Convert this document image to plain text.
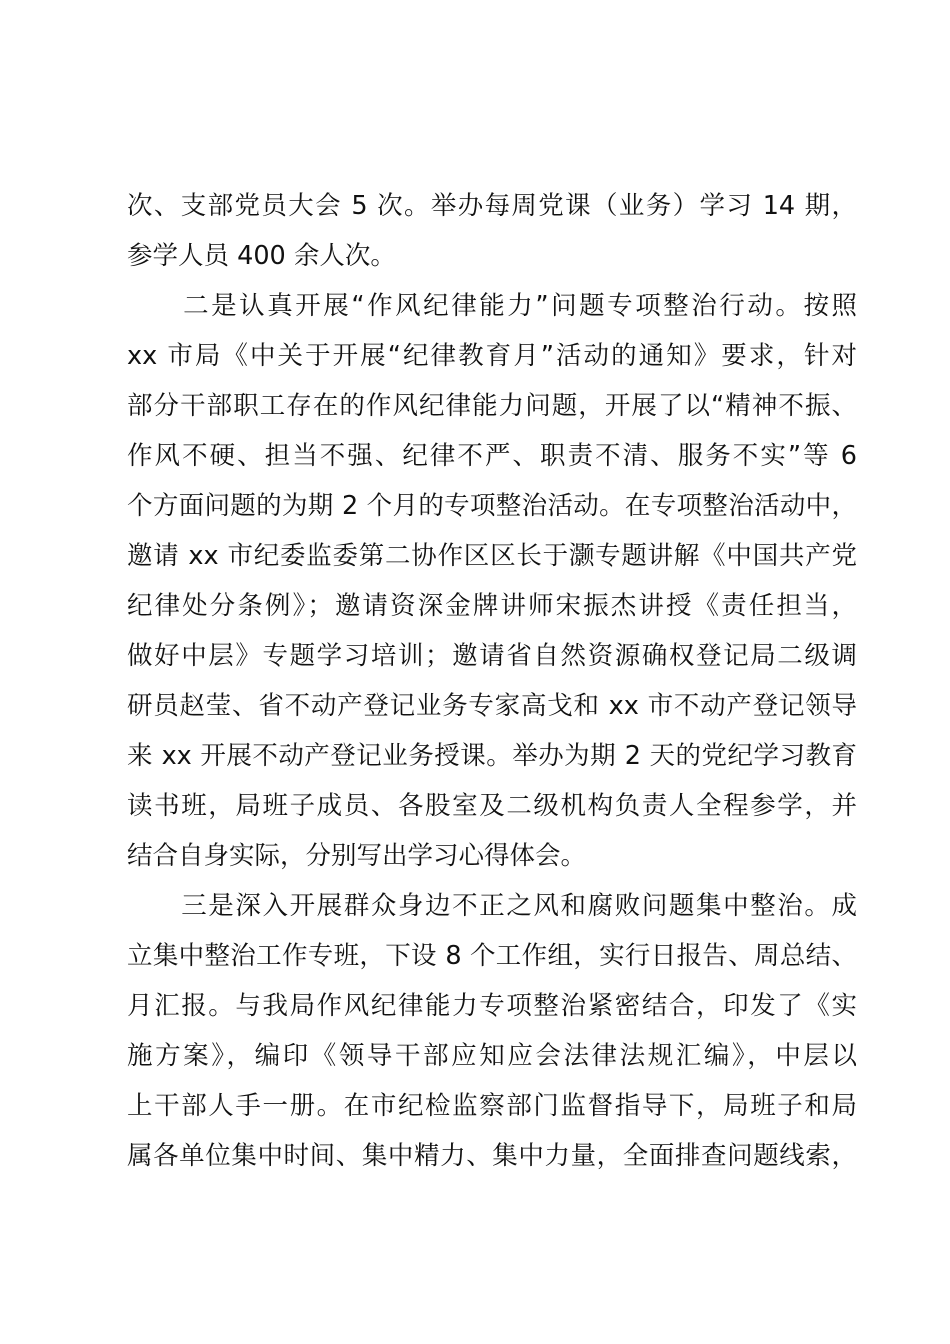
次、支部党员大会 5 次。举办每周党课（业务）学习 14 期，
参学人员 400 余人次。
　　二是认真开展“作风纪律能力”问题专项整治行动。按照
xx 市局《中关于开展“纪律教育月”活动的通知》要求，针对
部分干部职工存在的作风纪律能力问题，开展了以“精神不振、
作风不硬、担当不强、纪律不严、职责不清、服务不实”等 6
个方面问题的为期 2 个月的专项整治活动。在专项整治活动中，
邀请 xx 市纪委监委第二协作区区长于灏专题讲解《中国共产党
纪律处分条例》；邀请资深金牌讲师宋振杰讲授《责任担当，
做好中层》专题学习培训；邀请省自然资源确权登记局二级调
研员赵莹、省不动产登记业务专家高戈和 xx 市不动产登记领导
来 xx 开展不动产登记业务授课。举办为期 2 天的党纪学习教育
读书班，局班子成员、各股室及二级机构负责人全程参学，并
结合自身实际，分别写出学习心得体会。
　　三是深入开展群众身边不正之风和腐败问题集中整治。成
立集中整治工作专班，下设 8 个工作组，实行日报告、周总结、
月汇报。与我局作风纪律能力专项整治紧密结合，印发了《实
施方案》，编印《领导干部应知应会法律法规汇编》，中层以
上干部人手一册。在市纪检监察部门监督指导下，局班子和局
属各单位集中时间、集中精力、集中力量，全面排查问题线索，
